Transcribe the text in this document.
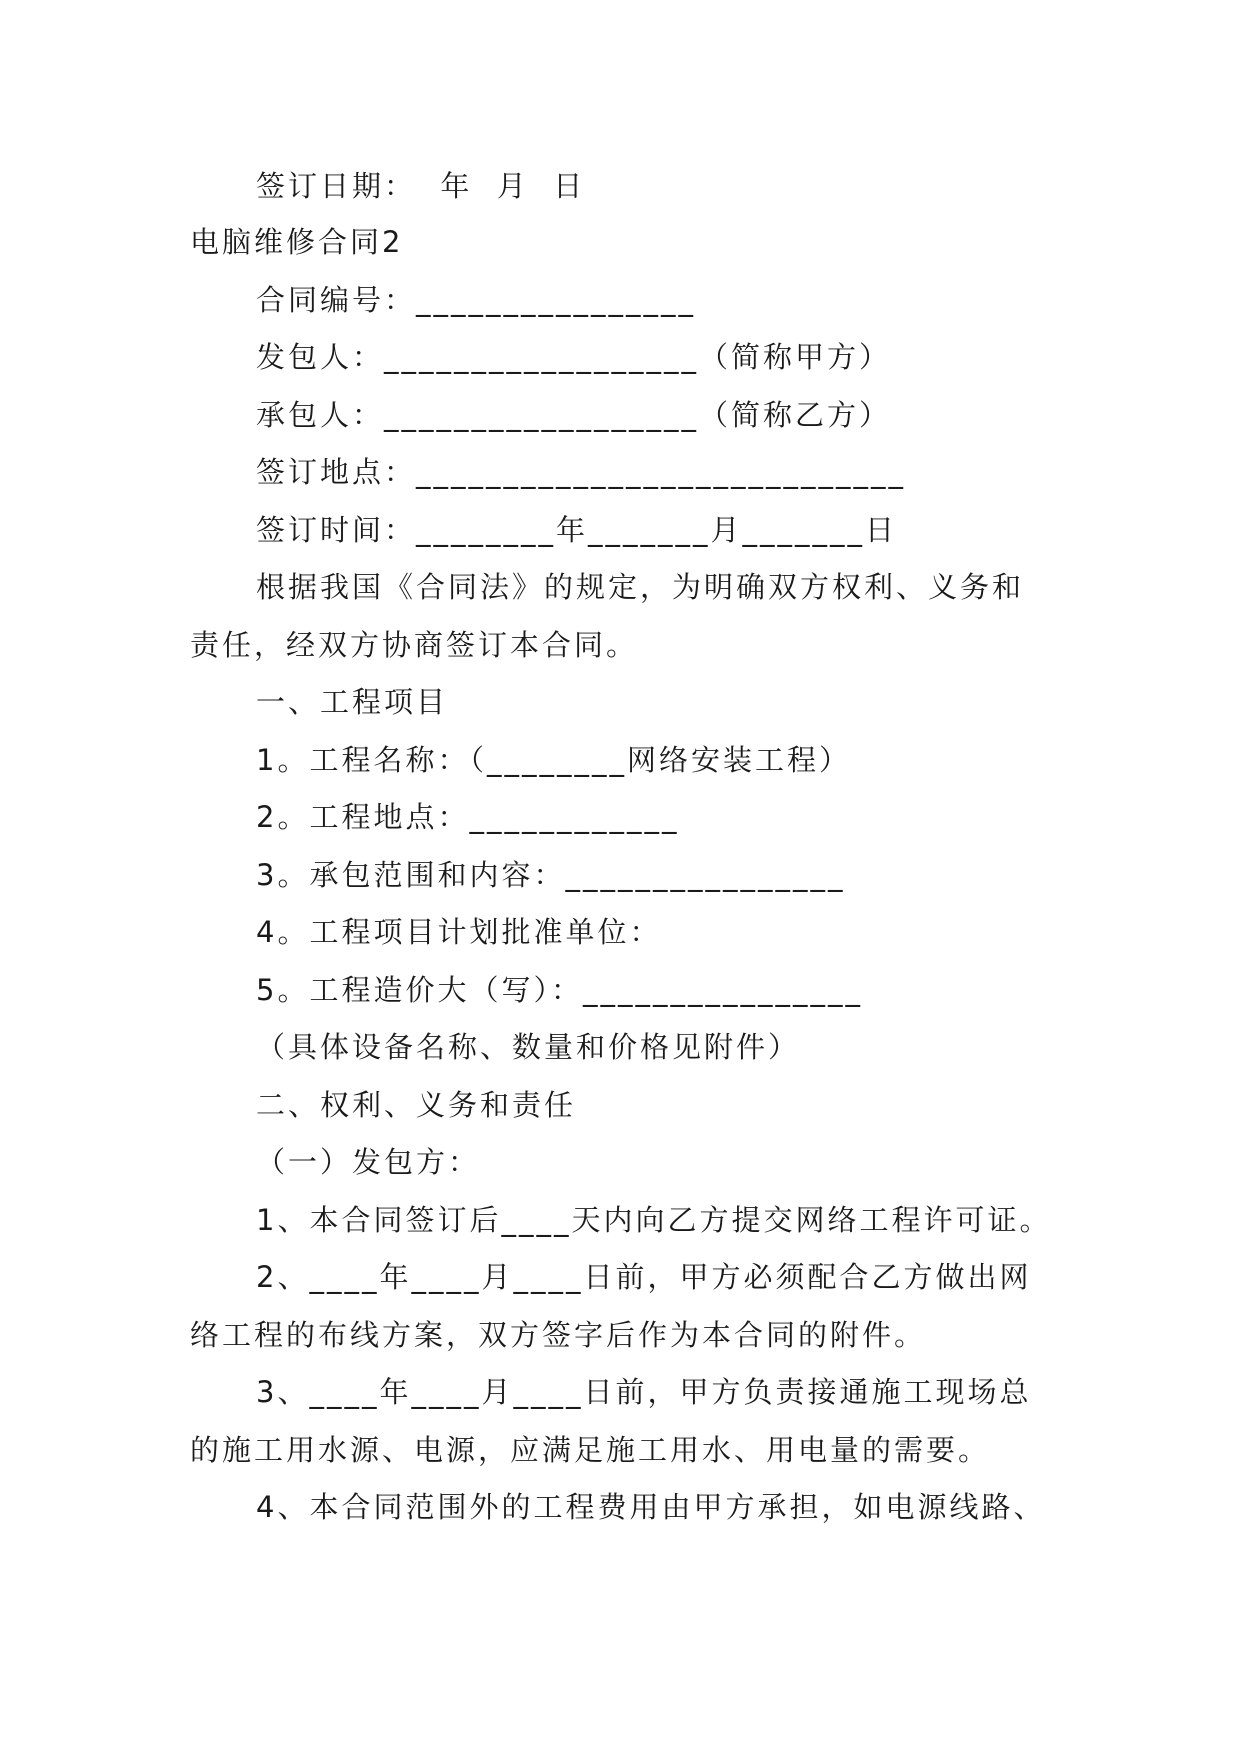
签订日期：  年  月  日

电脑维修合同2

合同编号：________________

发包人：__________________（简称甲方）

承包人：__________________（简称乙方）

签订地点：____________________________

签订时间：________年_______月_______日

根据我国《合同法》的规定，为明确双方权利、义务和

责任，经双方协商签订本合同。

一、工程项目

1。工程名称：（________网络安装工程）

2。工程地点：____________

3。承包范围和内容：________________

4。工程项目计划批准单位：

5。工程造价大（写）：________________

（具体设备名称、数量和价格见附件）

二、权利、义务和责任

（一）发包方：

1、本合同签订后____天内向乙方提交网络工程许可证。

2、____年____月____日前，甲方必须配合乙方做出网

络工程的布线方案，双方签字后作为本合同的附件。

3、____年____月____日前，甲方负责接通施工现场总

的施工用水源、电源，应满足施工用水、用电量的需要。

4、本合同范围外的工程费用由甲方承担，如电源线路、
